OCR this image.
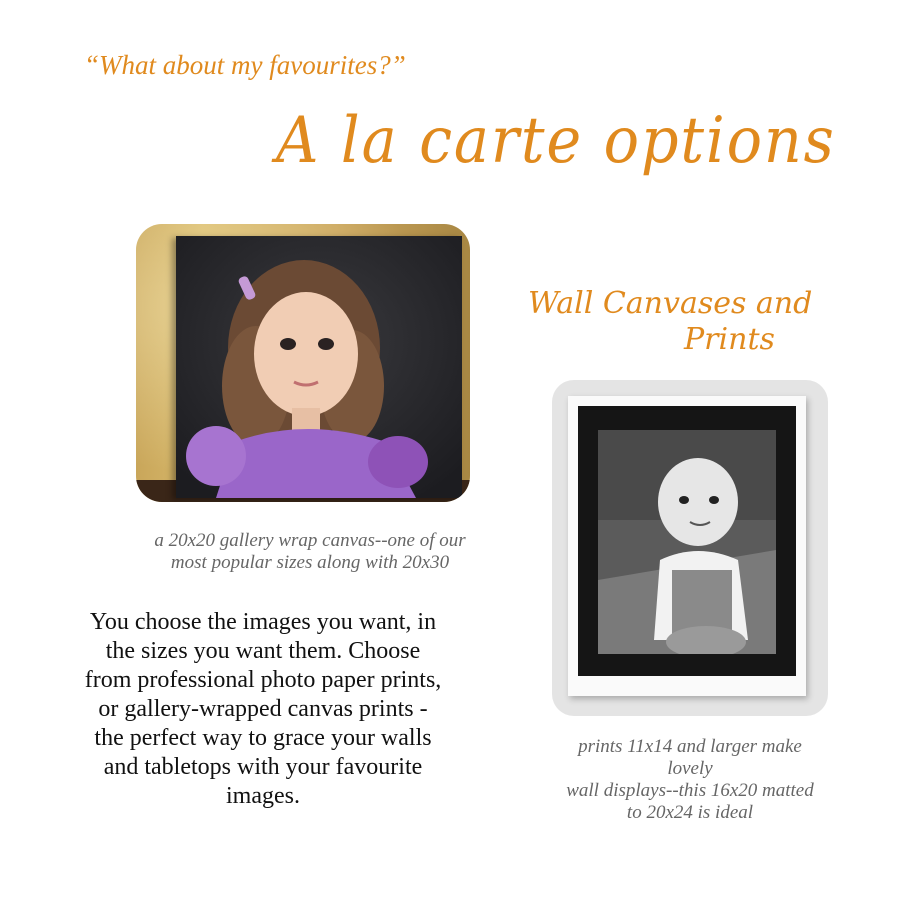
“What about my favourites?”
A la carte options
Wall Canvases and
Prints
a 20x20 gallery wrap canvas--one of our
most popular sizes along with 20x30
You choose the images you want, in
the sizes you want them. Choose
from professional photo paper prints,
or gallery-wrapped canvas prints -
the perfect way to grace your walls
and tabletops with your favourite
images.
prints 11x14 and larger make
lovely
wall displays--this 16x20 matted
to 20x24 is ideal
